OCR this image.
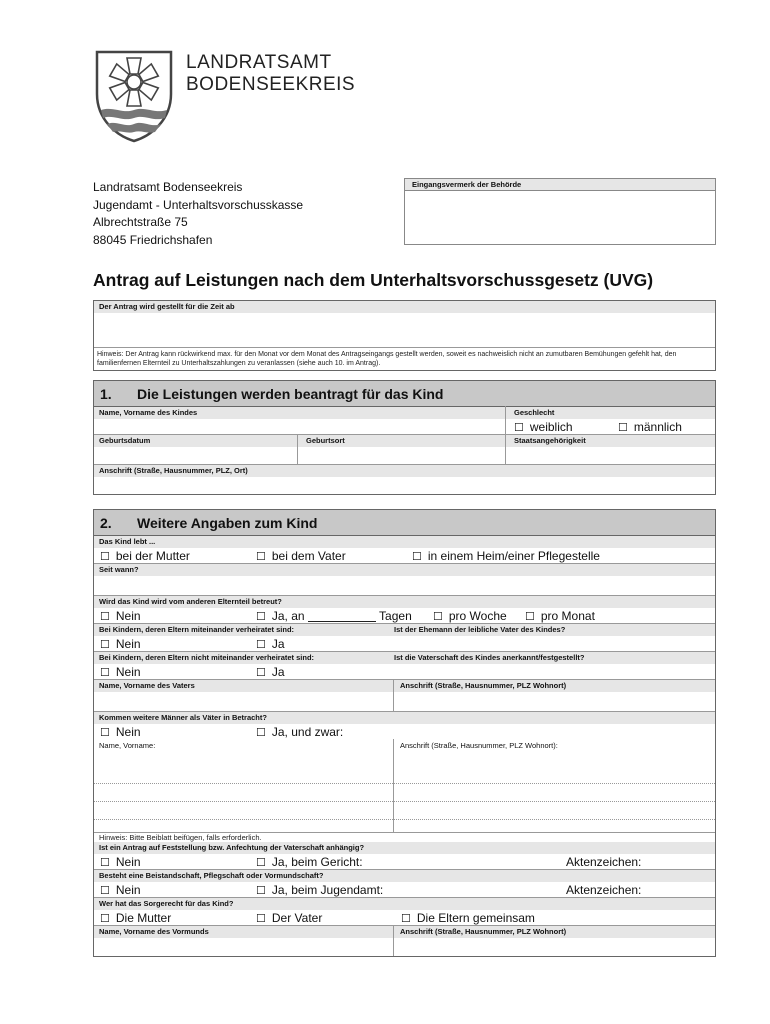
LANDRATSAMT
BODENSEEKREIS
Landratsamt Bodenseekreis
Jugendamt - Unterhaltsvorschusskasse
Albrechtstraße 75
88045 Friedrichshafen
Eingangsvermerk der Behörde
Antrag auf Leistungen nach dem Unterhaltsvorschussgesetz (UVG)
Der Antrag wird gestellt für die Zeit ab
Hinweis: Der Antrag kann rückwirkend max. für den Monat vor dem Monat des Antragseingangs gestellt werden, soweit es nachweislich nicht an zumutbaren Bemühungen gefehlt hat, den familienfernen Elternteil zu Unterhaltszahlungen zu veranlassen (siehe auch 10. im Antrag).
1. Die Leistungen werden beantragt für das Kind
Name, Vorname des Kindes	Geschlecht
☐ weiblich	☐ männlich
Geburtsdatum	Geburtsort	Staatsangehörigkeit
Anschrift (Straße, Hausnummer, PLZ, Ort)
2. Weitere Angaben zum Kind
Das Kind lebt ...
☐ bei der Mutter	☐ bei dem Vater	☐ in einem Heim/einer Pflegestelle
Seit wann?
Wird das Kind wird vom anderen Elternteil betreut?
☐ Nein	☐ Ja, an	Tagen ☐ pro Woche ☐ pro Monat
Bei Kindern, deren Eltern miteinander verheiratet sind:	Ist der Ehemann der leibliche Vater des Kindes?
☐ Nein	☐ Ja
Bei Kindern, deren Eltern nicht miteinander verheiratet sind:	Ist die Vaterschaft des Kindes anerkannt/festgestellt?
☐ Nein	☐ Ja
Name, Vorname des Vaters	Anschrift (Straße, Hausnummer, PLZ Wohnort)
Kommen weitere Männer als Väter in Betracht?
☐ Nein	☐ Ja, und zwar:
Name, Vorname:	Anschrift (Straße, Hausnummer, PLZ Wohnort):
Hinweis: Bitte Beiblatt beifügen, falls erforderlich.
Ist ein Antrag auf Feststellung bzw. Anfechtung der Vaterschaft anhängig?
☐ Nein	☐ Ja, beim Gericht:	Aktenzeichen:
Besteht eine Beistandschaft, Pflegschaft oder Vormundschaft?
☐ Nein	☐ Ja, beim Jugendamt:	Aktenzeichen:
Wer hat das Sorgerecht für das Kind?
☐ Die Mutter	☐ Der Vater	☐ Die Eltern gemeinsam
Name, Vorname des Vormunds	Anschrift (Straße, Hausnummer, PLZ Wohnort)
